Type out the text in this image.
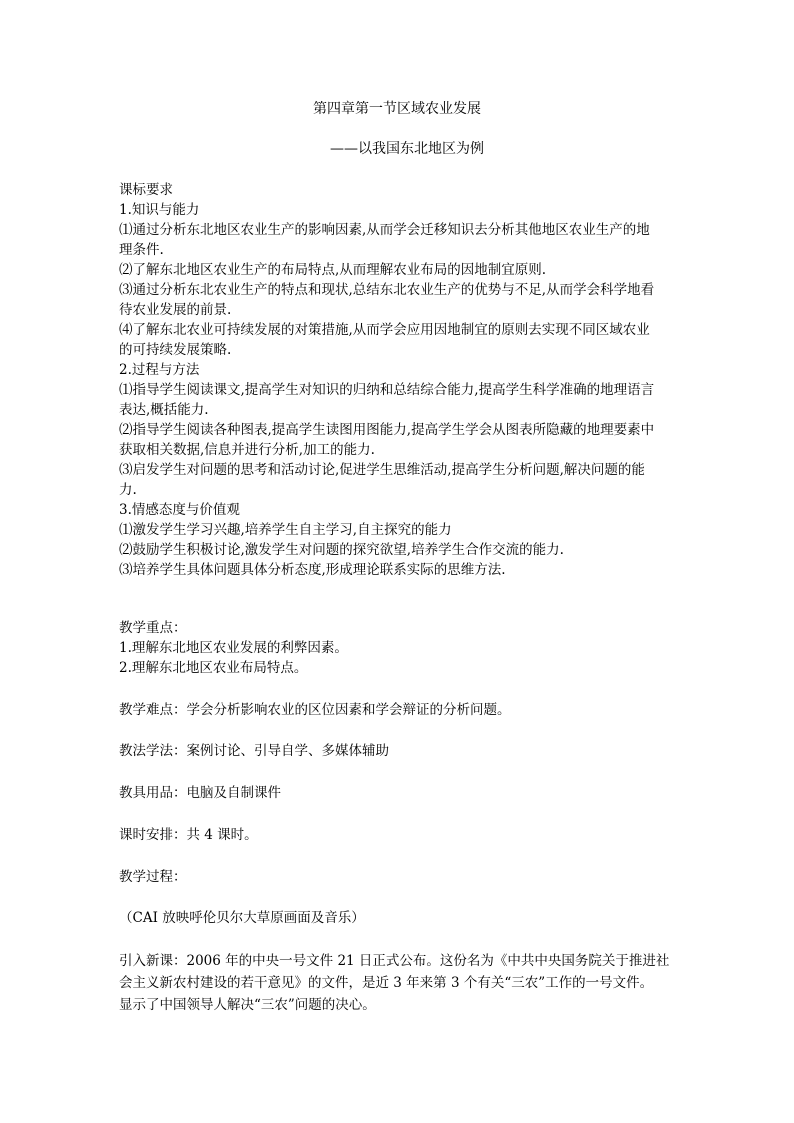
第四章第一节区域农业发展
——以我国东北地区为例
课标要求
1.知识与能力
⑴通过分析东北地区农业生产的影响因素,从而学会迁移知识去分析其他地区农业生产的地
理条件.
⑵了解东北地区农业生产的布局特点,从而理解农业布局的因地制宜原则.
⑶通过分析东北农业生产的特点和现状,总结东北农业生产的优势与不足,从而学会科学地看
待农业发展的前景.
⑷了解东北农业可持续发展的对策措施,从而学会应用因地制宜的原则去实现不同区域农业
的可持续发展策略.
2.过程与方法
⑴指导学生阅读课文,提高学生对知识的归纳和总结综合能力,提高学生科学准确的地理语言
表达,概括能力.
⑵指导学生阅读各种图表,提高学生读图用图能力,提高学生学会从图表所隐藏的地理要素中
获取相关数据,信息并进行分析,加工的能力.
⑶启发学生对问题的思考和活动讨论,促进学生思维活动,提高学生分析问题,解决问题的能
力.
3.情感态度与价值观
⑴激发学生学习兴趣,培养学生自主学习,自主探究的能力
⑵鼓励学生积极讨论,激发学生对问题的探究欲望,培养学生合作交流的能力.
⑶培养学生具体问题具体分析态度,形成理论联系实际的思维方法.
教学重点：
1.理解东北地区农业发展的利弊因素。
2.理解东北地区农业布局特点。
教学难点：学会分析影响农业的区位因素和学会辩证的分析问题。
教法学法：案例讨论、引导自学、多媒体辅助
教具用品：电脑及自制课件
课时安排：共 4 课时。
教学过程：
（CAI 放映呼伦贝尔大草原画面及音乐）
引入新课：2006 年的中央一号文件 21 日正式公布。这份名为《中共中央国务院关于推进社
会主义新农村建设的若干意见》的文件，是近 3 年来第 3 个有关“三农”工作的一号文件。
显示了中国领导人解决“三农”问题的决心。
